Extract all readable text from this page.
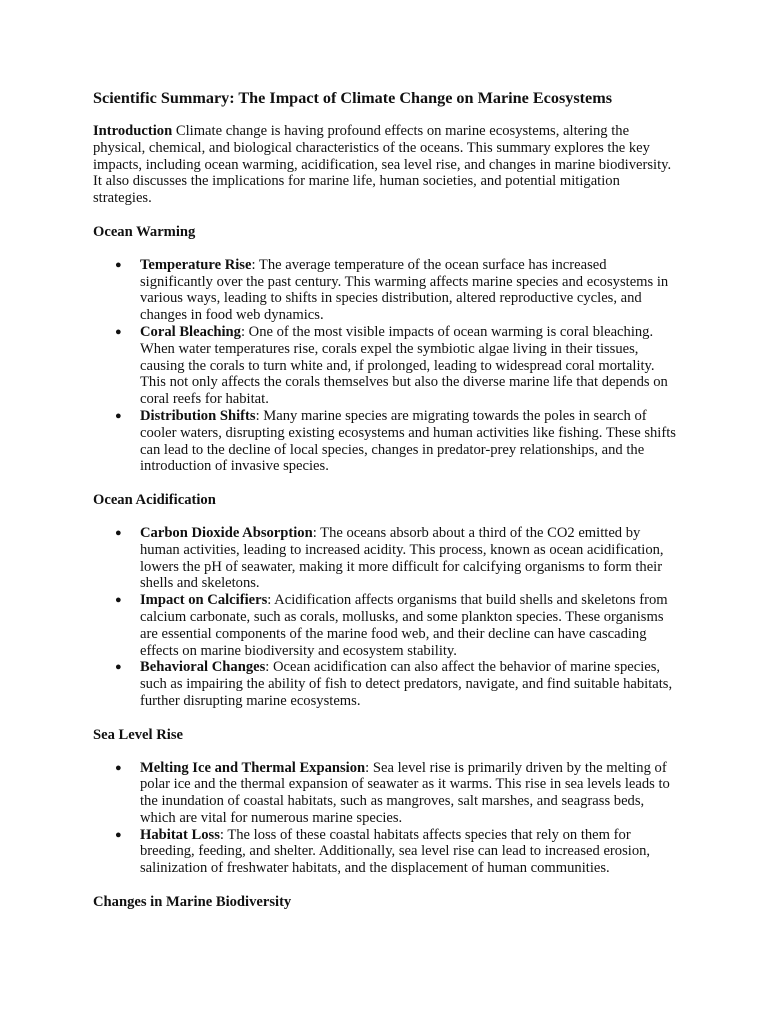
Scientific Summary: The Impact of Climate Change on Marine Ecosystems

Introduction Climate change is having profound effects on marine ecosystems, altering the physical, chemical, and biological characteristics of the oceans. This summary explores the key impacts, including ocean warming, acidification, sea level rise, and changes in marine biodiversity. It also discusses the implications for marine life, human societies, and potential mitigation strategies.

Ocean Warming
● Temperature Rise: The average temperature of the ocean surface has increased significantly over the past century. This warming affects marine species and ecosystems in various ways, leading to shifts in species distribution, altered reproductive cycles, and changes in food web dynamics.
● Coral Bleaching: One of the most visible impacts of ocean warming is coral bleaching. When water temperatures rise, corals expel the symbiotic algae living in their tissues, causing the corals to turn white and, if prolonged, leading to widespread coral mortality. This not only affects the corals themselves but also the diverse marine life that depends on coral reefs for habitat.
● Distribution Shifts: Many marine species are migrating towards the poles in search of cooler waters, disrupting existing ecosystems and human activities like fishing. These shifts can lead to the decline of local species, changes in predator-prey relationships, and the introduction of invasive species.
Ocean Acidification
● Carbon Dioxide Absorption: The oceans absorb about a third of the CO2 emitted by human activities, leading to increased acidity. This process, known as ocean acidification, lowers the pH of seawater, making it more difficult for calcifying organisms to form their shells and skeletons.
● Impact on Calcifiers: Acidification affects organisms that build shells and skeletons from calcium carbonate, such as corals, mollusks, and some plankton species. These organisms are essential components of the marine food web, and their decline can have cascading effects on marine biodiversity and ecosystem stability.
● Behavioral Changes: Ocean acidification can also affect the behavior of marine species, such as impairing the ability of fish to detect predators, navigate, and find suitable habitats, further disrupting marine ecosystems.
Sea Level Rise
● Melting Ice and Thermal Expansion: Sea level rise is primarily driven by the melting of polar ice and the thermal expansion of seawater as it warms. This rise in sea levels leads to the inundation of coastal habitats, such as mangroves, salt marshes, and seagrass beds, which are vital for numerous marine species.
● Habitat Loss: The loss of these coastal habitats affects species that rely on them for breeding, feeding, and shelter. Additionally, sea level rise can lead to increased erosion, salinization of freshwater habitats, and the displacement of human communities.
Changes in Marine Biodiversity
